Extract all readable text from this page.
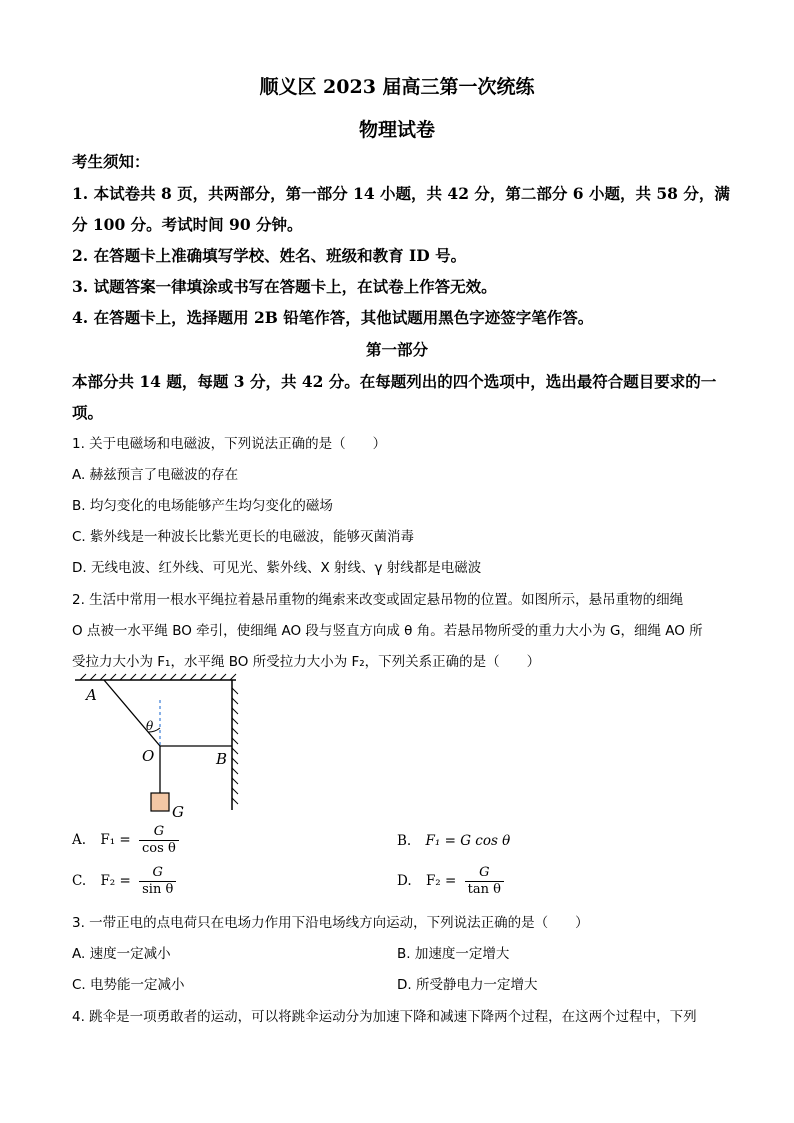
顺义区 2023 届高三第一次统练
物理试卷
考生须知：
1. 本试卷共 8 页，共两部分，第一部分 14 小题，共 42 分，第二部分 6 小题，共 58 分，满
分 100 分。考试时间 90 分钟。
2. 在答题卡上准确填写学校、姓名、班级和教育 ID 号。
3. 试题答案一律填涂或书写在答题卡上，在试卷上作答无效。
4. 在答题卡上，选择题用 2B 铅笔作答，其他试题用黑色字迹签字笔作答。
第一部分
本部分共 14 题，每题 3 分，共 42 分。在每题列出的四个选项中，选出最符合题目要求的一
项。
1. 关于电磁场和电磁波，下列说法正确的是（　　）
A. 赫兹预言了电磁波的存在
B. 均匀变化的电场能够产生均匀变化的磁场
C. 紫外线是一种波长比紫光更长的电磁波，能够灭菌消毒
D. 无线电波、红外线、可见光、紫外线、X 射线、γ 射线都是电磁波
2. 生活中常用一根水平绳拉着悬吊重物的绳索来改变或固定悬吊物的位置。如图所示，悬吊重物的细绳
O 点被一水平绳 BO 牵引，使细绳 AO 段与竖直方向成 θ 角。若悬吊物所受的重力大小为 G，细绳 AO 所
受拉力大小为 F₁，水平绳 BO 所受拉力大小为 F₂，下列关系正确的是（　　）
A
θ
O	B
G
A. $F_1 = \frac{G}{\text{cos θ}}$	B. F₁ = G cos θ
C. $F_2 = \frac{G}{\text{sin θ}}$	D. $F_2 = \frac{G}{\text{tan θ}}$
3. 一带正电的点电荷只在电场力作用下沿电场线方向运动，下列说法正确的是（　　）
A. 速度一定减小	B. 加速度一定增大
C. 电势能一定减小	D. 所受静电力一定增大
4. 跳伞是一项勇敢者的运动，可以将跳伞运动分为加速下降和减速下降两个过程，在这两个过程中，下列
